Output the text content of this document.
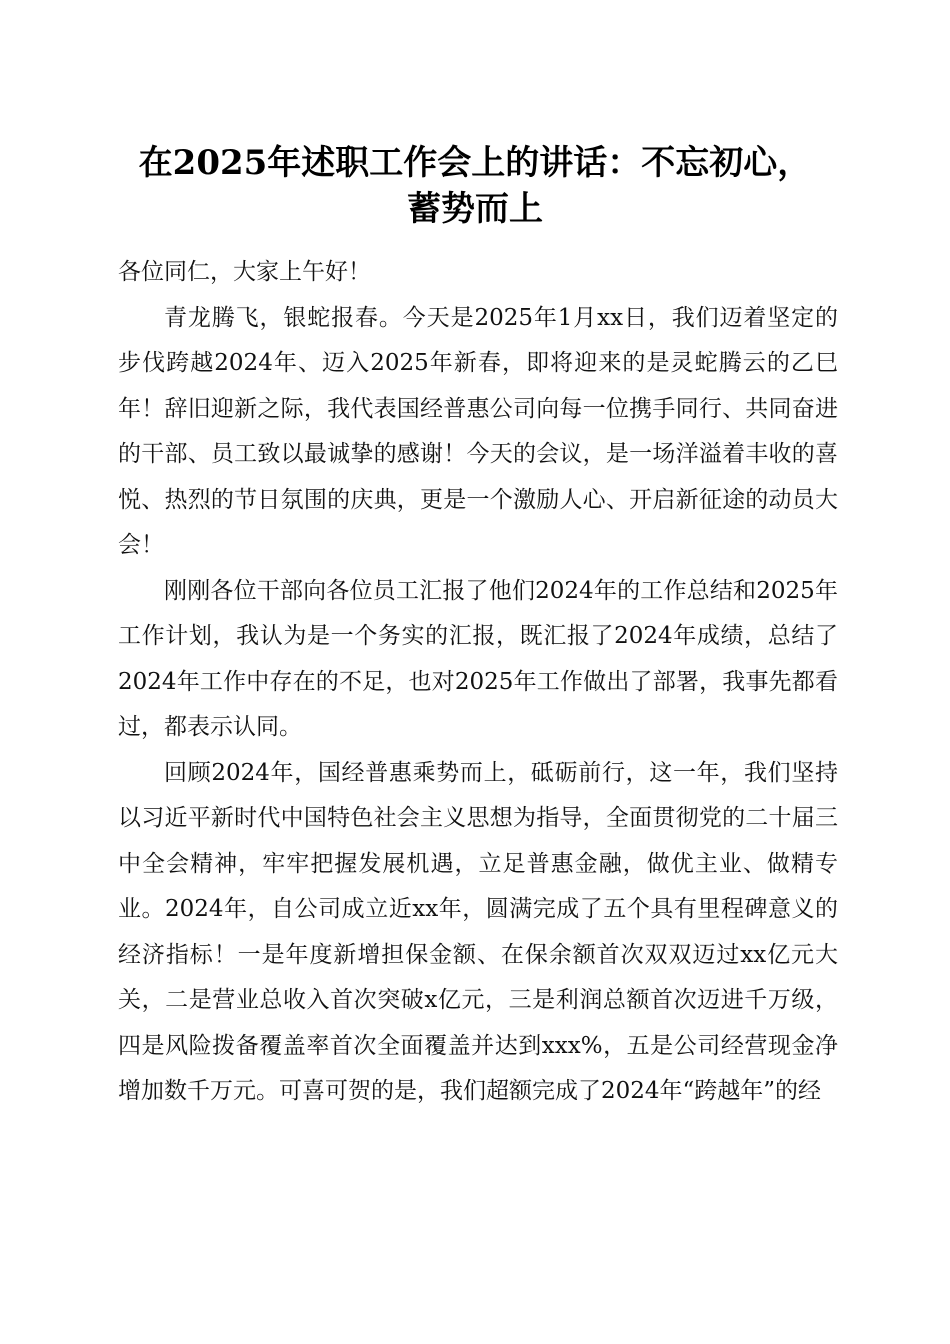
在2025年述职工作会上的讲话：不忘初心，
蓄势而上

各位同仁，大家上午好！

青龙腾飞，银蛇报春。今天是2025年1月xx日，我们迈着坚定的步伐跨越2024年、迈入2025年新春，即将迎来的是灵蛇腾云的乙巳年！辞旧迎新之际，我代表国经普惠公司向每一位携手同行、共同奋进的干部、员工致以最诚挚的感谢！今天的会议，是一场洋溢着丰收的喜悦、热烈的节日氛围的庆典，更是一个激励人心、开启新征途的动员大会！

刚刚各位干部向各位员工汇报了他们2024年的工作总结和2025年工作计划，我认为是一个务实的汇报，既汇报了2024年成绩，总结了2024年工作中存在的不足，也对2025年工作做出了部署，我事先都看过，都表示认同。

回顾2024年，国经普惠乘势而上，砥砺前行，这一年，我们坚持以习近平新时代中国特色社会主义思想为指导，全面贯彻党的二十届三中全会精神，牢牢把握发展机遇，立足普惠金融，做优主业、做精专业。2024年，自公司成立近xx年，圆满完成了五个具有里程碑意义的经济指标！一是年度新增担保金额、在保余额首次双双迈过xx亿元大关，二是营业总收入首次突破x亿元，三是利润总额首次迈进千万级，四是风险拨备覆盖率首次全面覆盖并达到xxx%，五是公司经营现金净增加数千万元。可喜可贺的是，我们超额完成了2024年“跨越年”的经
